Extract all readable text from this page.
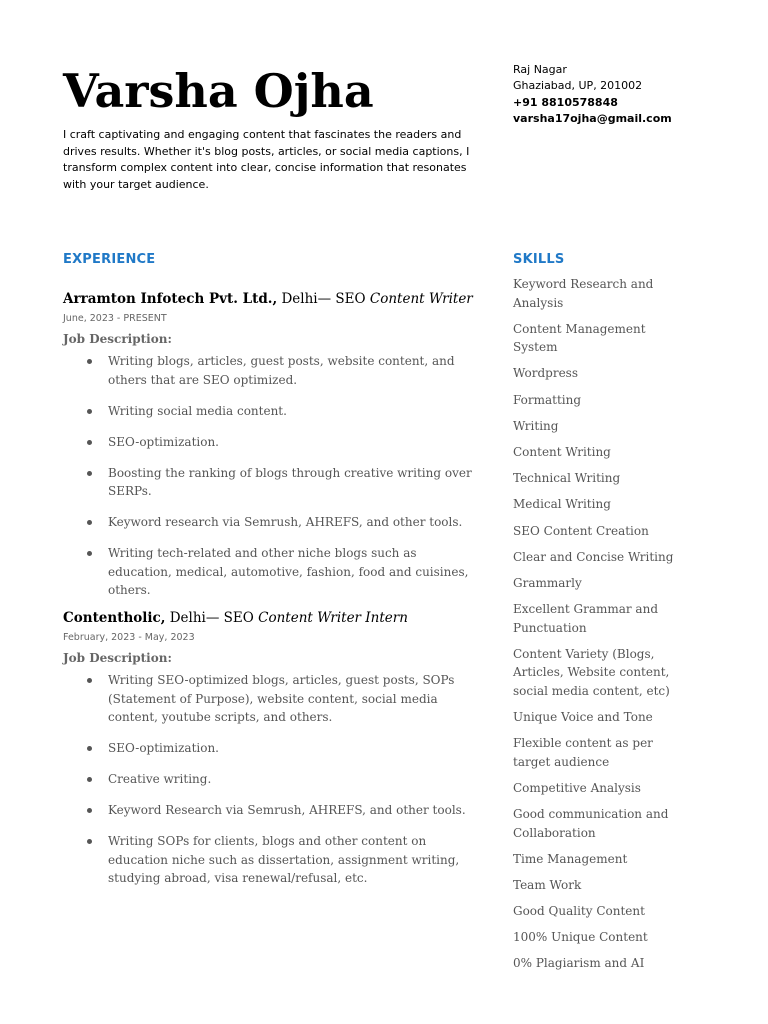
Varsha Ojha

I craft captivating and engaging content that fascinates the readers and drives results. Whether it's blog posts, articles, or social media captions, I transform complex content into clear, concise information that resonates with your target audience.

Raj Nagar
Ghaziabad, UP, 201002
+91 8810578848
varsha17ojha@gmail.com
EXPERIENCE	SKILLS
Arramton Infotech Pvt. Ltd., Delhi— SEO Content Writer
June, 2023 - PRESENT
Job Description:
Writing blogs, articles, guest posts, website content, and others that are SEO optimized.
Writing social media content.
SEO-optimization.
Boosting the ranking of blogs through creative writing over SERPs.
Keyword research via Semrush, AHREFS, and other tools.
Writing tech-related and other niche blogs such as education, medical, automotive, fashion, food and cuisines, others.
Contentholic, Delhi— SEO Content Writer Intern
February, 2023 - May, 2023
Job Description:
Writing SEO-optimized blogs, articles, guest posts, SOPs (Statement of Purpose), website content, social media content, youtube scripts, and others.
SEO-optimization.
Creative writing.
Keyword Research via Semrush, AHREFS, and other tools.
Writing SOPs for clients, blogs and other content on education niche such as dissertation, assignment writing, studying abroad, visa renewal/refusal, etc.
Keyword Research and Analysis
Content Management System
Wordpress
Formatting
Writing
Content Writing
Technical Writing
Medical Writing
SEO Content Creation
Clear and Concise Writing
Grammarly
Excellent Grammar and Punctuation
Content Variety (Blogs, Articles, Website content, social media content, etc)
Unique Voice and Tone
Flexible content as per target audience
Competitive Analysis
Good communication and Collaboration
Time Management
Team Work
Good Quality Content
100% Unique Content
0% Plagiarism and AI
